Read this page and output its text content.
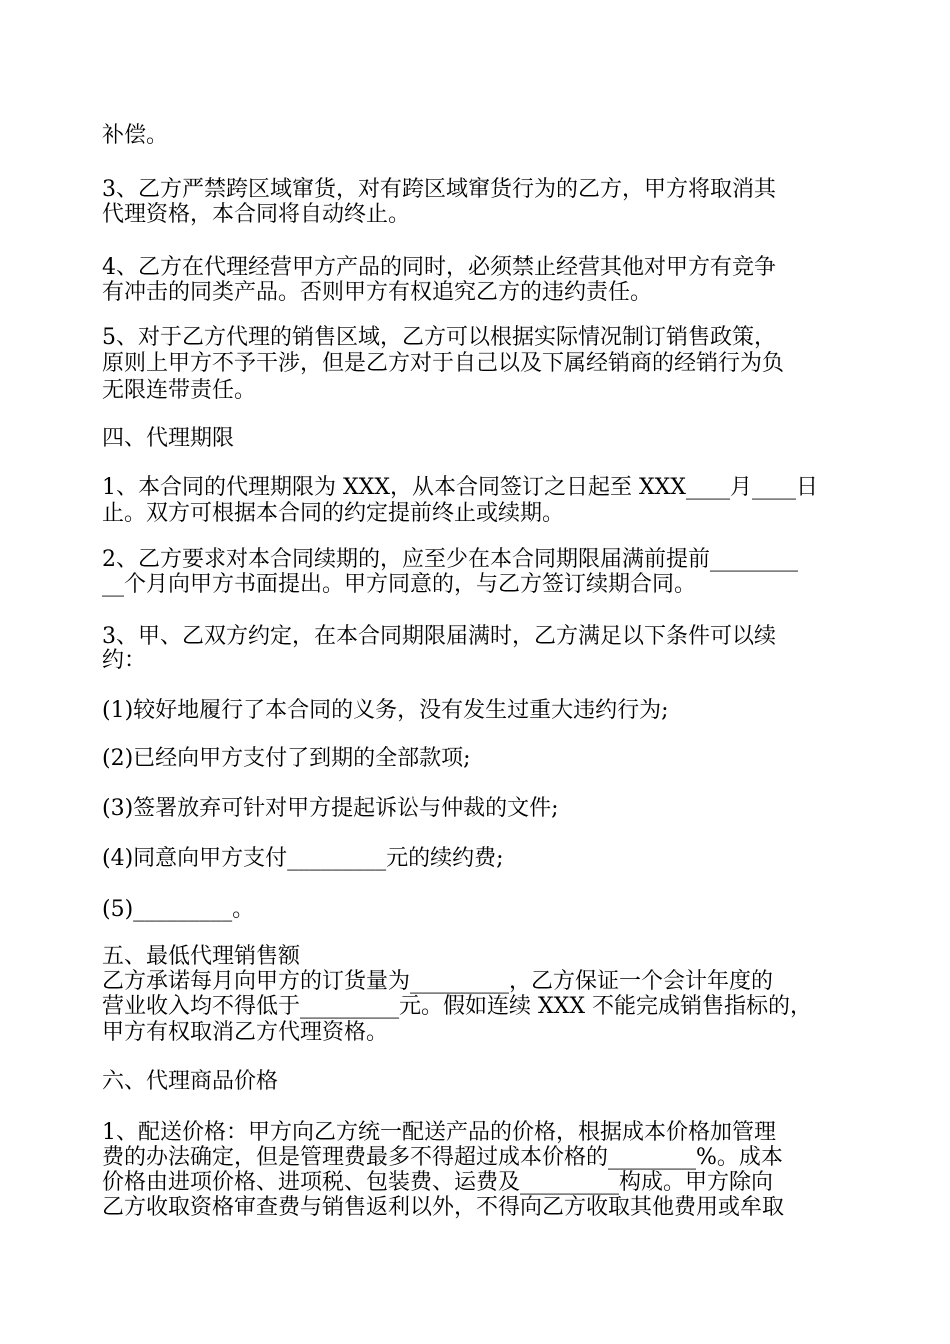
补偿。
3、乙方严禁跨区域窜货，对有跨区域窜货行为的乙方，甲方将取消其
代理资格，本合同将自动终止。
4、乙方在代理经营甲方产品的同时，必须禁止经营其他对甲方有竞争
有冲击的同类产品。否则甲方有权追究乙方的违约责任。
5、对于乙方代理的销售区域，乙方可以根据实际情况制订销售政策，
原则上甲方不予干涉，但是乙方对于自己以及下属经销商的经销行为负
无限连带责任。
四、代理期限
1、本合同的代理期限为 XXX，从本合同签订之日起至 XXX____月____日
止。双方可根据本合同的约定提前终止或续期。
2、乙方要求对本合同续期的，应至少在本合同期限届满前提前________
__个月向甲方书面提出。甲方同意的，与乙方签订续期合同。
3、甲、乙双方约定，在本合同期限届满时，乙方满足以下条件可以续
约：
(1)较好地履行了本合同的义务，没有发生过重大违约行为;
(2)已经向甲方支付了到期的全部款项;
(3)签署放弃可针对甲方提起诉讼与仲裁的文件;
(4)同意向甲方支付_________元的续约费;
(5)_________。
五、最低代理销售额
乙方承诺每月向甲方的订货量为_________，乙方保证一个会计年度的
营业收入均不得低于_________元。假如连续 XXX 不能完成销售指标的，
甲方有权取消乙方代理资格。
六、代理商品价格
1、配送价格：甲方向乙方统一配送产品的价格，根据成本价格加管理
费的办法确定，但是管理费最多不得超过成本价格的________%。成本
价格由进项价格、进项税、包装费、运费及_________构成。甲方除向
乙方收取资格审查费与销售返利以外，不得向乙方收取其他费用或牟取
